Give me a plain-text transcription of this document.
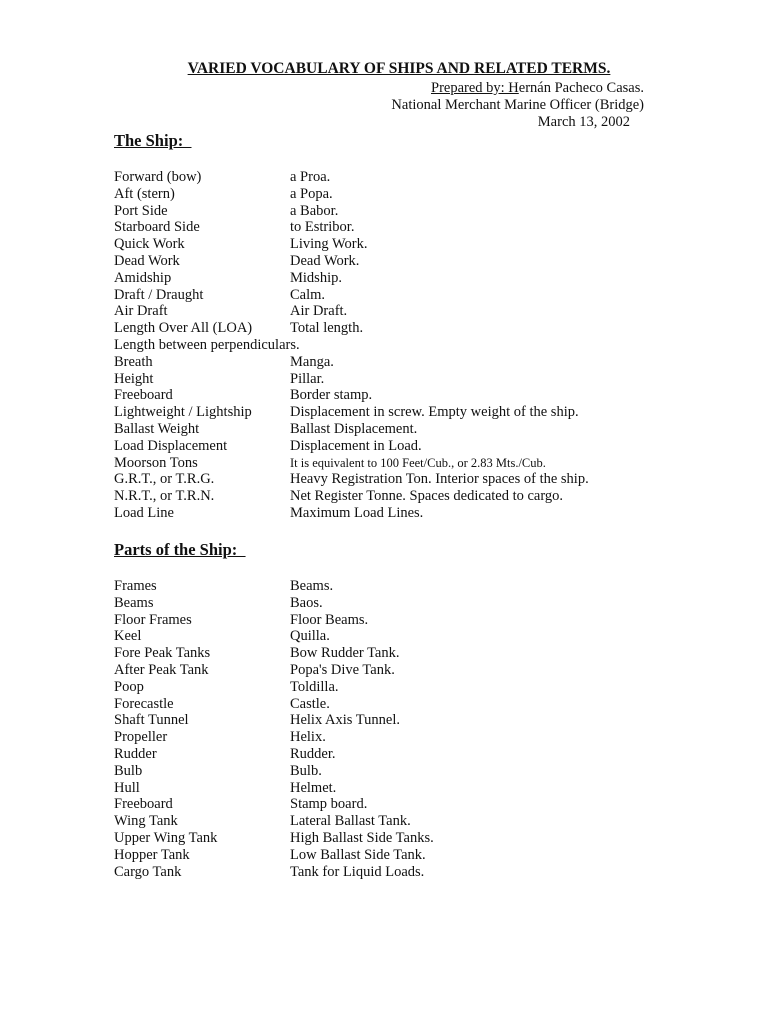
VARIED VOCABULARY OF SHIPS AND RELATED TERMS.
Prepared by: Hernán Pacheco Casas.
National Merchant Marine Officer (Bridge)
March 13, 2002
The Ship:
Forward (bow)	a Proa.
Aft (stern)	a Popa.
Port Side	a Babor.
Starboard Side	to Estribor.
Quick Work	Living Work.
Dead Work	Dead Work.
Amidship	Midship.
Draft / Draught	Calm.
Air Draft	Air Draft.
Length Over All (LOA)	Total length.
Length between perpendiculars.
Breath	Manga.
Height	Pillar.
Freeboard	Border stamp.
Lightweight / Lightship	Displacement in screw. Empty weight of the ship.
Ballast Weight	Ballast Displacement.
Load Displacement	Displacement in Load.
Moorson Tons	It is equivalent to 100 Feet/Cub., or 2.83 Mts./Cub.
G.R.T., or T.R.G.	Heavy Registration Ton. Interior spaces of the ship.
N.R.T., or T.R.N.	Net Register Tonne. Spaces dedicated to cargo.
Load Line	Maximum Load Lines.
Parts of the Ship:
Frames	Beams.
Beams	Baos.
Floor Frames	Floor Beams.
Keel	Quilla.
Fore Peak Tanks	Bow Rudder Tank.
After Peak Tank	Popa's Dive Tank.
Poop	Toldilla.
Forecastle	Castle.
Shaft Tunnel	Helix Axis Tunnel.
Propeller	Helix.
Rudder	Rudder.
Bulb	Bulb.
Hull	Helmet.
Freeboard	Stamp board.
Wing Tank	Lateral Ballast Tank.
Upper Wing Tank	High Ballast Side Tanks.
Hopper Tank	Low Ballast Side Tank.
Cargo Tank	Tank for Liquid Loads.
